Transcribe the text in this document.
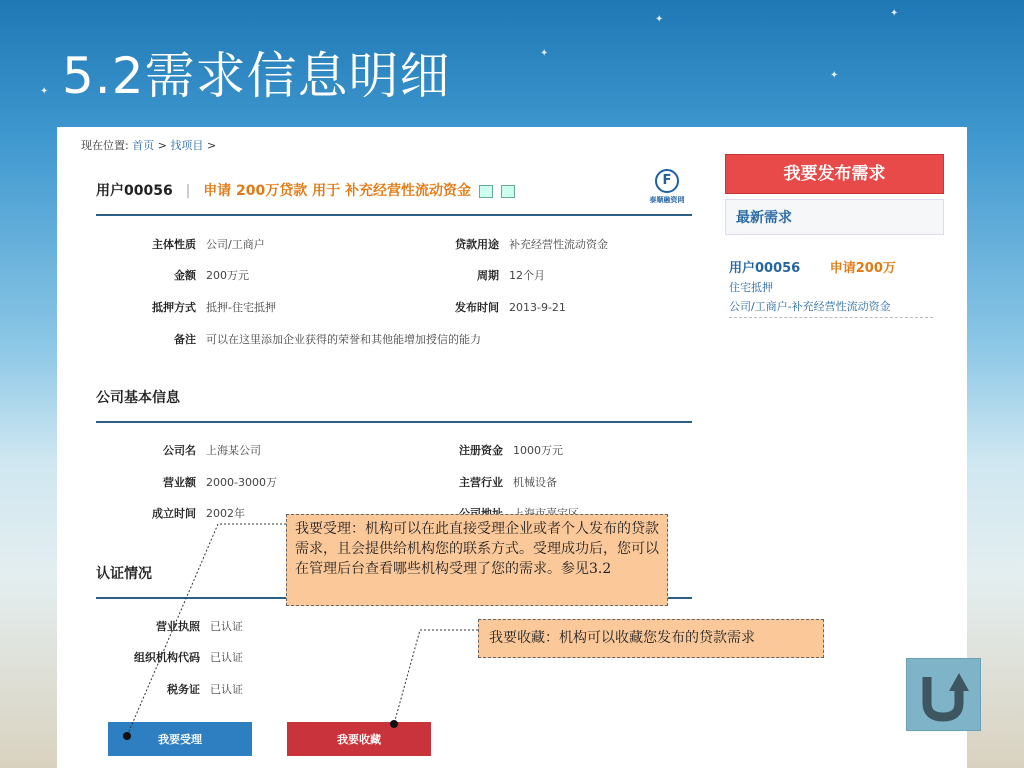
✦
✦
✦
✦
✦
5.2需求信息明细
现在位置: 首页 > 找项目 >
用户00056 | 申请 200万贷款 用于 补充经营性流动资金
F
泰顺融资网
主体性质 公司/工商户	贷款用途 补充经营性流动资金
金额 200万元	周期 12个月
抵押方式 抵押-住宅抵押	发布时间 2013-9-21
备注 可以在这里添加企业获得的荣誉和其他能增加授信的能力
公司基本信息
公司名 上海某公司	注册资金 1000万元
营业额 2000-3000万	主营行业 机械设备
成立时间 2002年
认证情况
营业执照 已认证
组织机构代码 已认证
税务证 已认证
我要受理	我要收藏
我要发布需求
最新需求
用户00056 申请200万
住宅抵押
公司/工商户-补充经营性流动资金
我要受理：机构可以在此直接受理企业或者个人发布的贷款需求，且会提供给机构您的联系方式。受理成功后，您可以在管理后台查看哪些机构受理了您的需求。参见3.2
我要收藏：机构可以收藏您发布的贷款需求
